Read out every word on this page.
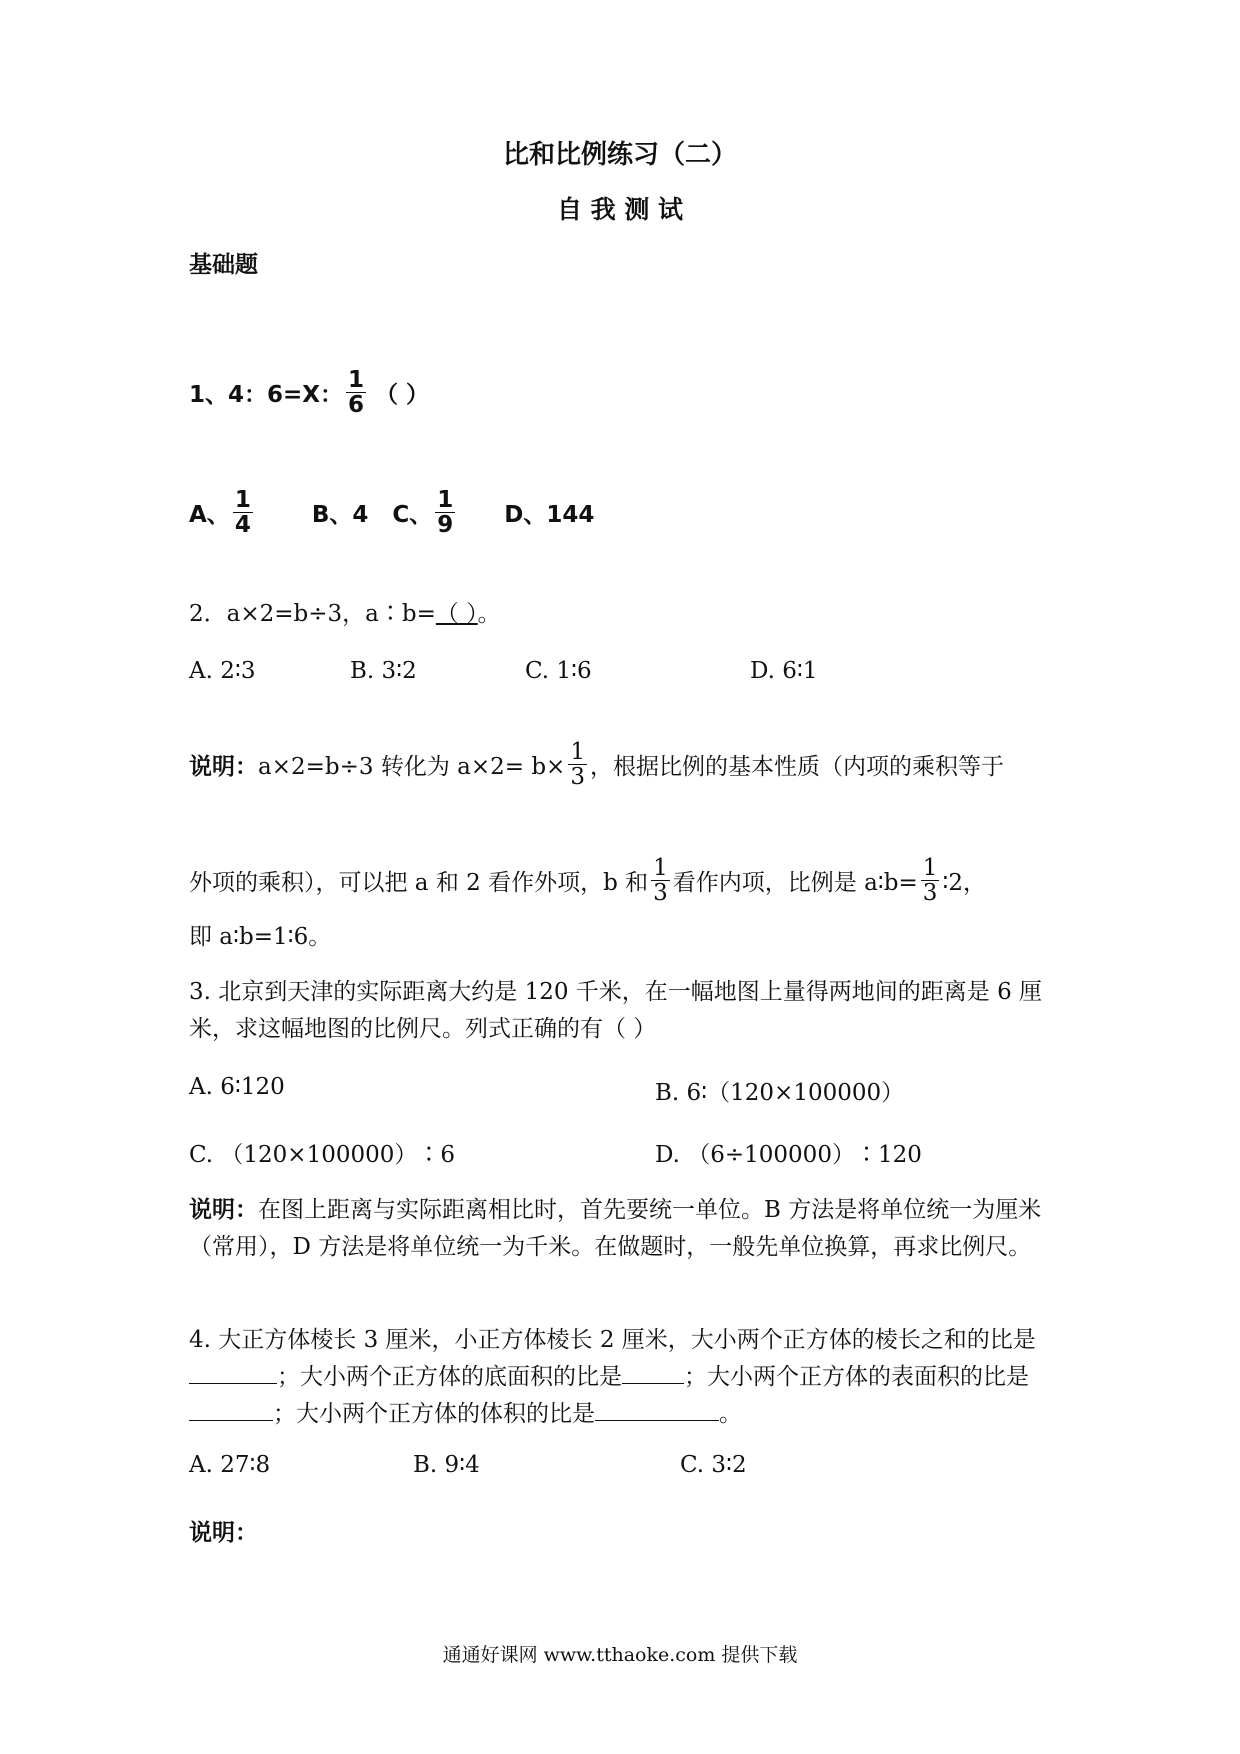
比和比例练习（二）
自 我 测 试
基础题
1、4：6=X： $\frac{1}{6}$ （ ）
A、 $\frac{1}{4}$	B、4 C、 $\frac{1}{9}$ D、144
2．a×2=b÷3，a∶b=（ ）。
A. 2∶3	B. 3∶2	C. 1∶6	D. 6∶1
说明： a×2=b÷3 转化为 $a\times 2= b\times \frac{1}{3}$ ，根据比例的基本性质（内项的乘积等于
外项的乘积），可以把 a 和 2 看作外项，b 和 $\frac{1}{3}$ 看作内项，比例是 a∶b= $\frac{1}{3}$ ∶2，
即 a∶b=1∶6。
3. 北京到天津的实际距离大约是 120 千米，在一幅地图上量得两地间的距离是 6 厘米，求这幅地图的比例尺。列式正确的有（ ）
A. 6∶120	B. 6∶（120×100000）
C. （120×100000）∶6	D. （6÷100000）∶120
说明：在图上距离与实际距离相比时，首先要统一单位。B 方法是将单位统一为厘米（常用），D 方法是将单位统一为千米。在做题时，一般先单位换算，再求比例尺。
4. 大正方体棱长 3 厘米，小正方体棱长 2 厘米，大小两个正方体的棱长之和的比是；大小两个正方体的底面积的比是	；大小两个正方体的表面积的比是；大小两个正方体的体积的比是	。
A. 27∶8	B. 9∶4	C. 3∶2
说明：
通通好课网 www.tthaoke.com 提供下载
